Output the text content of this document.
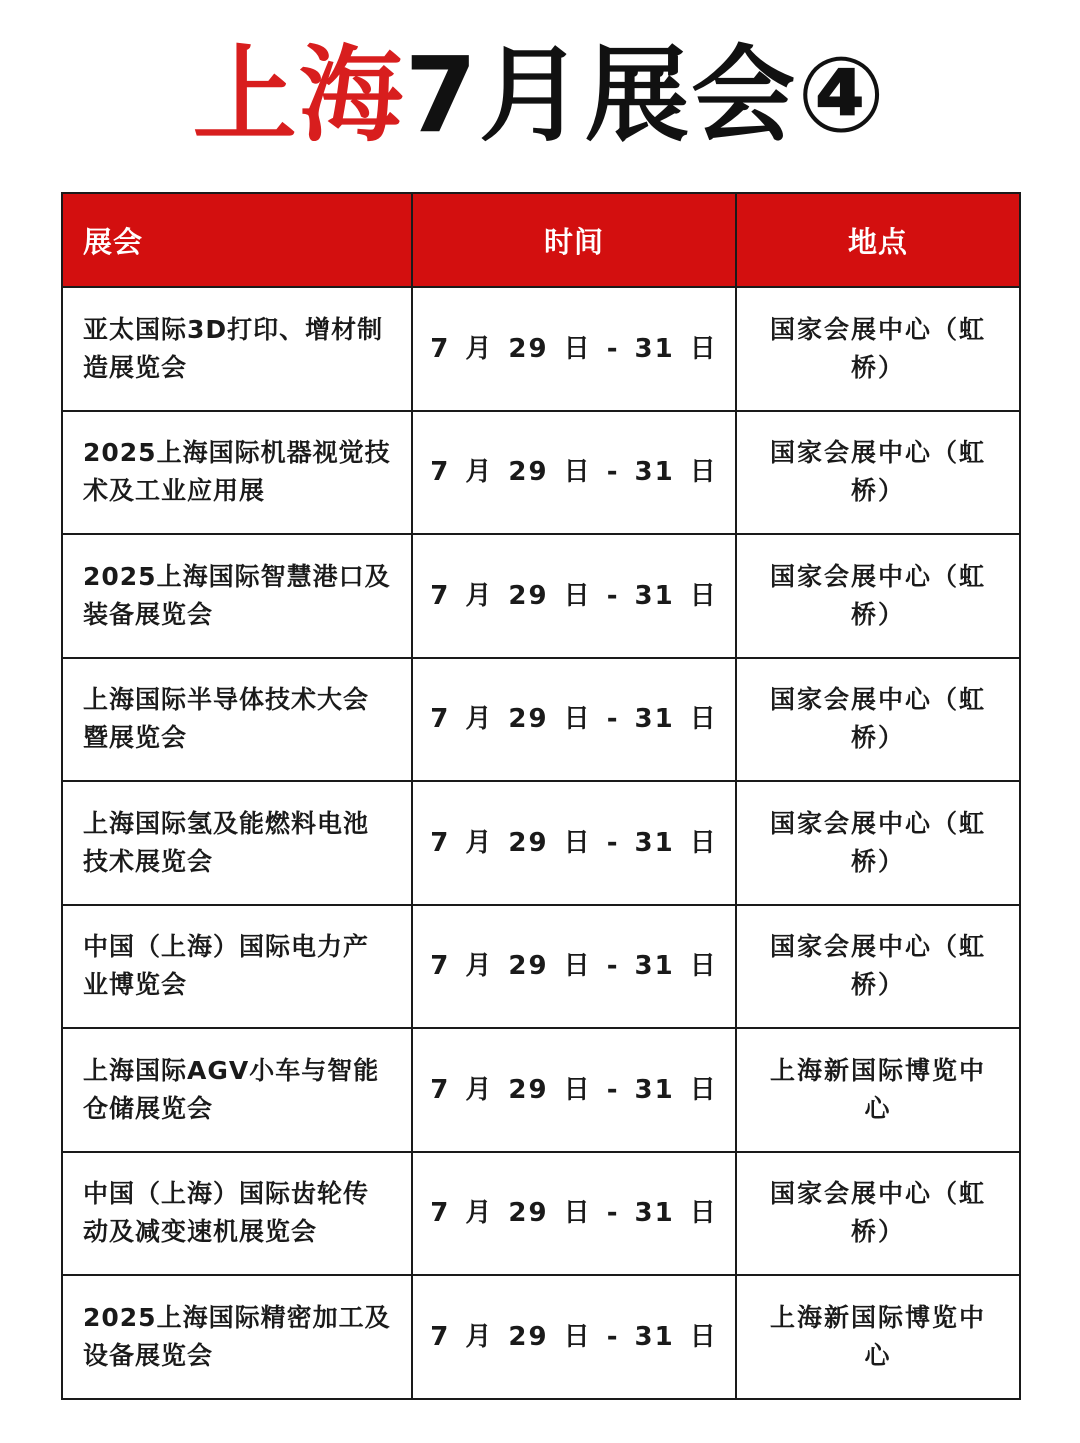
上海7月展会④
展会	时间	地点
亚太国际3D打印、增材制造展览会	7 月 29 日 - 31 日	国家会展中心（虹桥）
2025上海国际机器视觉技术及工业应用展	7 月 29 日 - 31 日	国家会展中心（虹桥）
2025上海国际智慧港口及装备展览会	7 月 29 日 - 31 日	国家会展中心（虹桥）
上海国际半导体技术大会暨展览会	7 月 29 日 - 31 日	国家会展中心（虹桥）
上海国际氢及能燃料电池技术展览会	7 月 29 日 - 31 日	国家会展中心（虹桥）
中国（上海）国际电力产业博览会	7 月 29 日 - 31 日	国家会展中心（虹桥）
上海国际AGV小车与智能仓储展览会	7 月 29 日 - 31 日	上海新国际博览中心
中国（上海）国际齿轮传动及减变速机展览会	7 月 29 日 - 31 日	国家会展中心（虹桥）
2025上海国际精密加工及设备展览会	7 月 29 日 - 31 日	上海新国际博览中心
